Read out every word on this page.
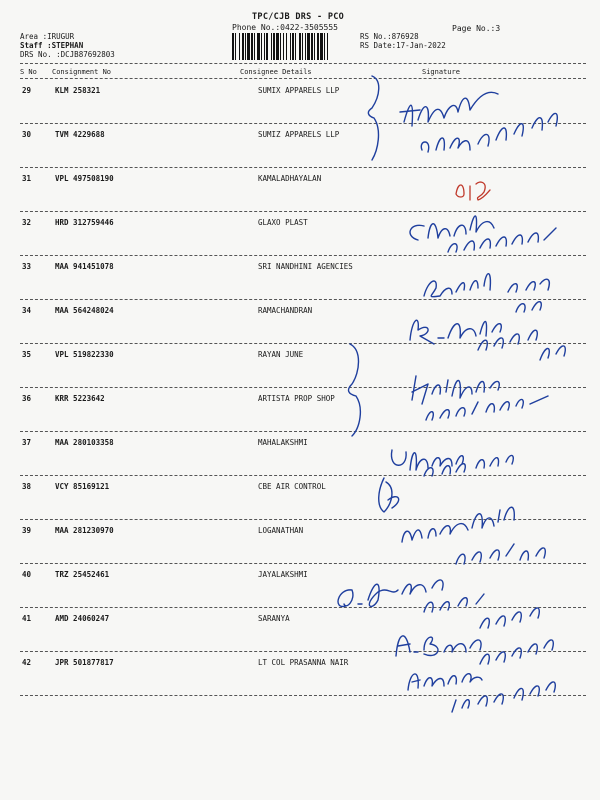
TPC/CJB DRS - PCO
Phone No.:0422-3505555	Page No.:3
Area :IRUGUR
Staff :STEPHAN
DRS No. :DCJB87692803
RS No.:876928
RS Date:17-Jan-2022
S No Consignment No	Consignee Details	Signature
29	KLM 258321	SUMIX APPARELS LLP
30	TVM 4229688	SUMIZ APPARELS LLP
31	VPL 497508190	KAMALADHAYALAN
32	HRD 312759446	GLAXO PLAST
33	MAA 941451078	SRI NANDHINI AGENCIES
34	MAA 564248024	RAMACHANDRAN
35	VPL 519822330	RAYAN JUNE
36	KRR 5223642	ARTISTA PROP SHOP
37	MAA 280103358	MAHALAKSHMI
38	VCY 85169121	CBE AIR CONTROL
39	MAA 281230970	LOGANATHAN
40	TRZ 25452461	JAYALAKSHMI
41	AMD 24060247	SARANYA
42	JPR 501877817	LT COL PRASANNA NAIR
